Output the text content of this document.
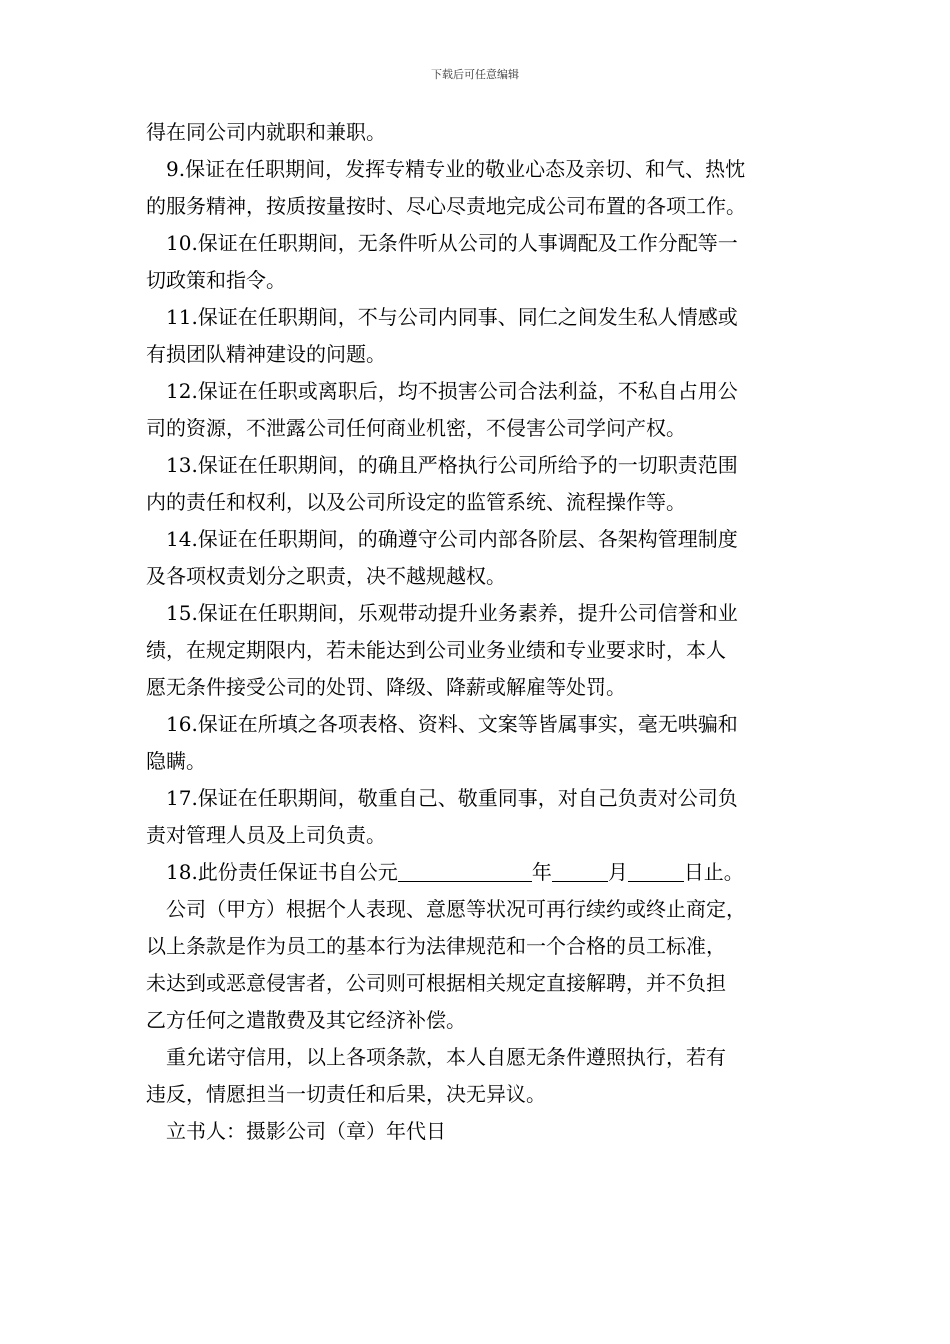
下载后可任意编辑
得在同公司内就职和兼职。
9.保证在任职期间，发挥专精专业的敬业心态及亲切、和气、热忱
的服务精神，按质按量按时、尽心尽责地完成公司布置的各项工作。
10.保证在任职期间，无条件听从公司的人事调配及工作分配等一
切政策和指令。
11.保证在任职期间，不与公司内同事、同仁之间发生私人情感或
有损团队精神建设的问题。
12.保证在任职或离职后，均不损害公司合法利益，不私自占用公
司的资源，不泄露公司任何商业机密，不侵害公司学问产权。
13.保证在任职期间，的确且严格执行公司所给予的一切职责范围
内的责任和权利，以及公司所设定的监管系统、流程操作等。
14.保证在任职期间，的确遵守公司内部各阶层、各架构管理制度
及各项权责划分之职责，决不越规越权。
15.保证在任职期间，乐观带动提升业务素养，提升公司信誉和业
绩，在规定期限内，若未能达到公司业务业绩和专业要求时，本人
愿无条件接受公司的处罚、降级、降薪或解雇等处罚。
16.保证在所填之各项表格、资料、文案等皆属事实，毫无哄骗和
隐瞒。
17.保证在任职期间，敬重自己、敬重同事，对自己负责对公司负
责对管理人员及上司负责。
18.此份责任保证书自公元	年	月	日止。
公司（甲方）根据个人表现、意愿等状况可再行续约或终止商定，
以上条款是作为员工的基本行为法律规范和一个合格的员工标准，
未达到或恶意侵害者，公司则可根据相关规定直接解聘，并不负担
乙方任何之遣散费及其它经济补偿。
重允诺守信用，以上各项条款，本人自愿无条件遵照执行，若有
违反，情愿担当一切责任和后果，决无异议。
立书人：摄影公司（章）年代日
